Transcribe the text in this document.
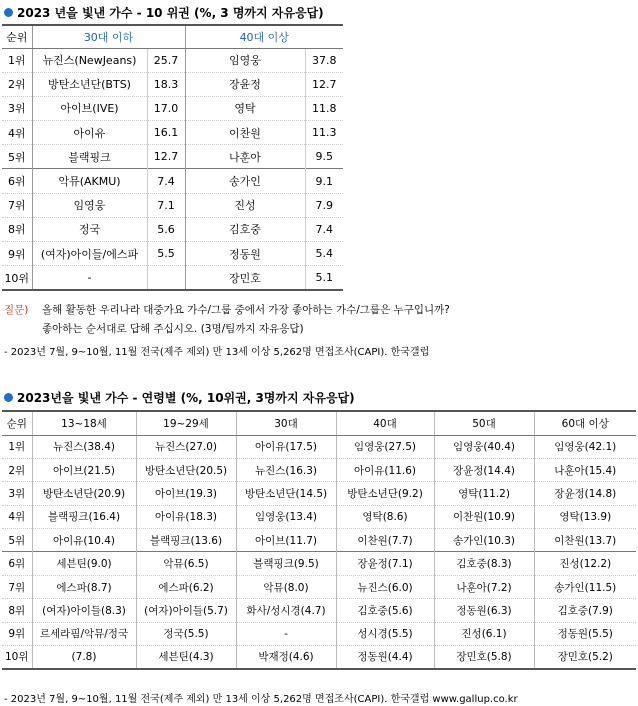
2023 년을 빛낸 가수 - 10 위권 (%, 3 명까지 자유응답)
순위	30대 이하		40대 이상	
1위	뉴진스(NewJeans)	25.7	임영웅	37.8
2위	방탄소년단(BTS)	18.3	장윤정	12.7
3위	아이브(IVE)	17.0	영탁	11.8
4위	아이유	16.1	이찬원	11.3
5위	블랙핑크	12.7	나훈아	9.5
6위	악뮤(AKMU)	7.4	송가인	9.1
7위	임영웅	7.1	진성	7.9
8위	정국	5.6	김호중	7.4
9위	(여자)아이들/에스파	5.5	정동원	5.4
10위	-		장민호	5.1
질문) 올해 활동한 우리나라 대중가요 가수/그룹 중에서 가장 좋아하는 가수/그룹은 누구입니까?
좋아하는 순서대로 답해 주십시오. (3명/팀까지 자유응답)
- 2023년 7월, 9~10월, 11월 전국(제주 제외) 만 13세 이상 5,262명 면접조사(CAPI). 한국갤럽
2023년을 빛낸 가수 - 연령별 (%, 10위권, 3명까지 자유응답)
순위	13~18세	19~29세	30대	40대	50대	60대 이상
1위	뉴진스(38.4)	뉴진스(27.0)	아이유(17.5)	임영웅(27.5)	임영웅(40.4)	임영웅(42.1)
2위	아이브(21.5)	방탄소년단(20.5)	뉴진스(16.3)	아이유(11.6)	장윤정(14.4)	나훈아(15.4)
3위	방탄소년단(20.9)	아이브(19.3)	방탄소년단(14.5)	방탄소년단(9.2)	영탁(11.2)	장윤정(14.8)
4위	블랙핑크(16.4)	아이유(18.3)	임영웅(13.4)	영탁(8.6)	이찬원(10.9)	영탁(13.9)
5위	아이유(10.4)	블랙핑크(13.6)	아이브(11.7)	이찬원(7.7)	송가인(10.3)	이찬원(13.7)
6위	세븐틴(9.0)	악뮤(6.5)	블랙핑크(9.5)	장윤정(7.1)	김호중(8.3)	진성(12.2)
7위	에스파(8.7)	에스파(6.2)	악뮤(8.0)	뉴진스(6.0)	나훈아(7.2)	송가인(11.5)
8위	(여자)아이들(8.3)	(여자)아이들(5.7)	화사/성시경(4.7)	김호중(5.6)	정동원(6.3)	김호중(7.9)
9위	르세라핌/악뮤/정국	정국(5.5)	-	성시경(5.5)	진성(6.1)	정동원(5.5)
10위	(7.8)	세븐틴(4.3)	박재정(4.6)	정동원(4.4)	장민호(5.8)	장민호(5.2)
- 2023년 7월, 9~10월, 11월 전국(제주 제외) 만 13세 이상 5,262명 면접조사(CAPI). 한국갤럽 www.gallup.co.kr
